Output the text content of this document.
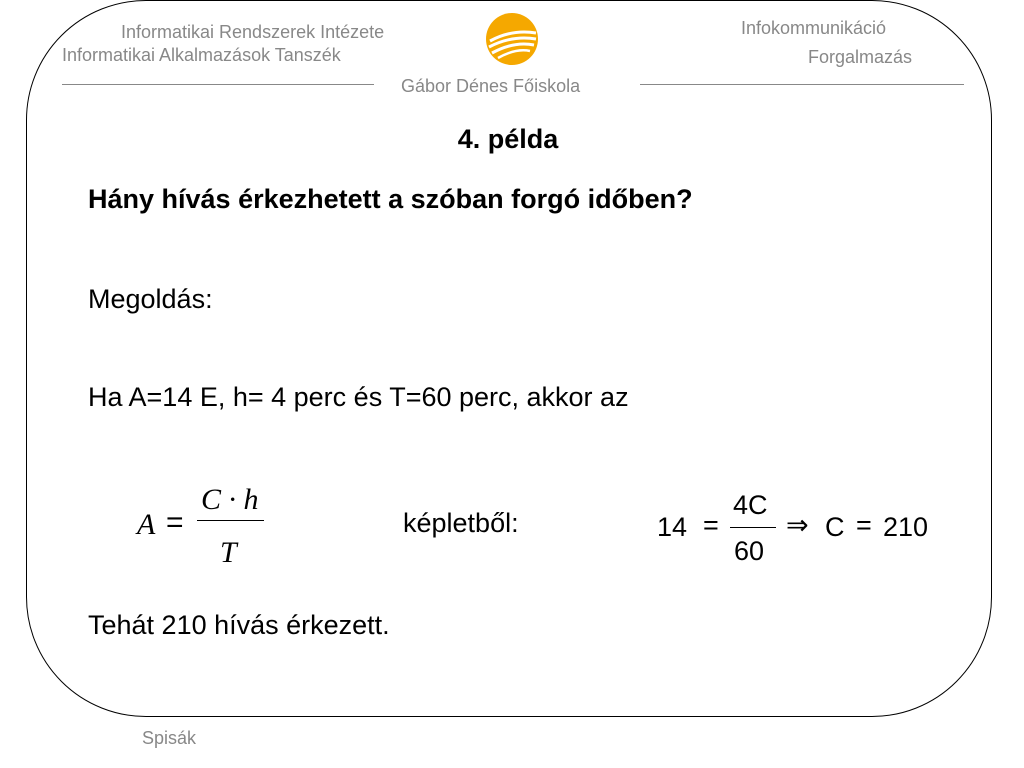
Informatikai Rendszerek Intézete
Informatikai Alkalmazások Tanszék
Infokommunikáció
Forgalmazás
Gábor Dénes Főiskola
4. példa
Hány hívás érkezhetett a szóban forgó időben?
Megoldás:
Ha A=14 E, h= 4 perc és T=60 perc, akkor az
A =
C · h
T
képletből:	14 =
4C
60
⇒ C = 210
Tehát 210 hívás érkezett.
Spisák
